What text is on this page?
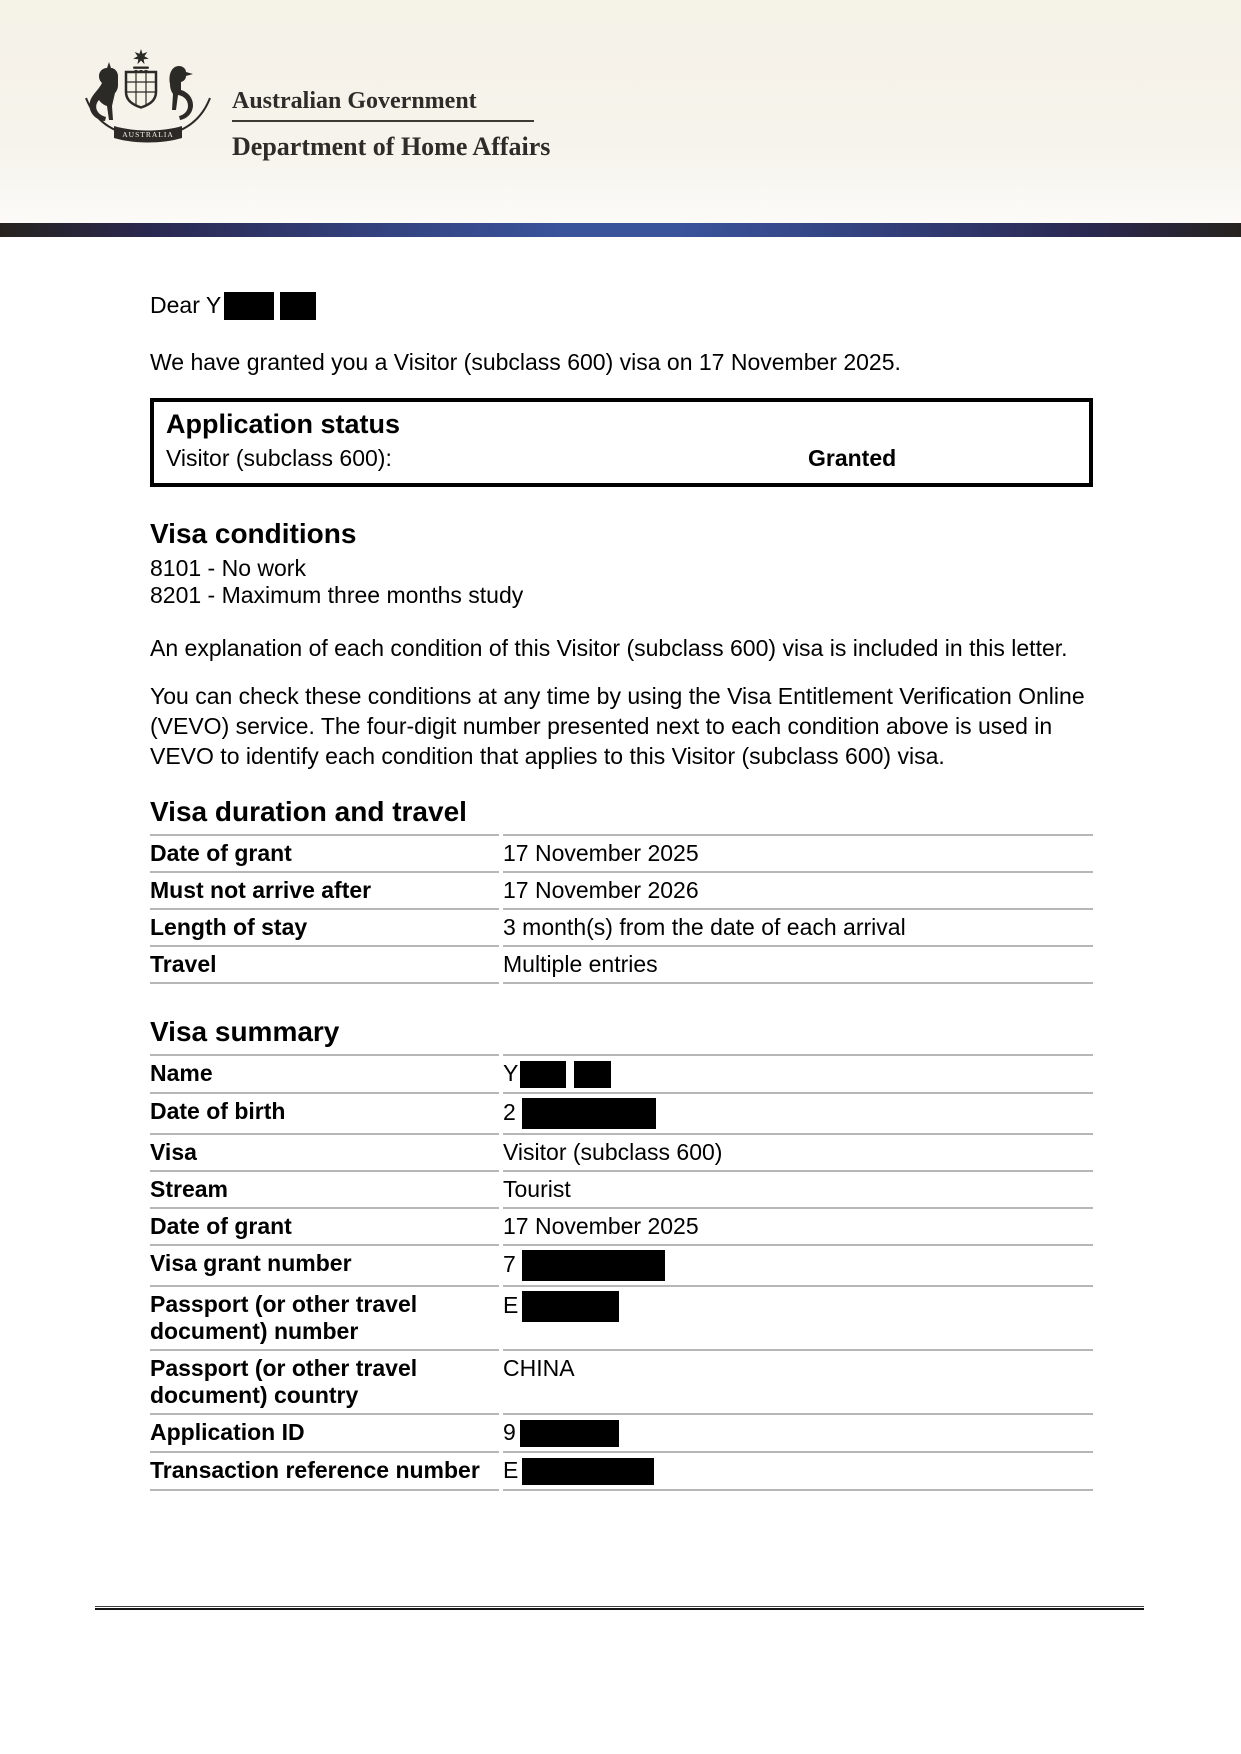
AUSTRALIA
Australian Government
Department of Home Affairs

Dear Y

We have granted you a Visitor (subclass 600) visa on 17 November 2025.

Application status
Visitor (subclass 600):	Granted
Visa conditions

8101 - No work

8201 - Maximum three months study

An explanation of each condition of this Visitor (subclass 600) visa is included in this letter.

You can check these conditions at any time by using the Visa Entitlement Verification Online (VEVO) service. The four-digit number presented next to each condition above is used in VEVO to identify each condition that applies to this Visitor (subclass 600) visa.

Visa duration and travel
Date of grant	17 November 2025
Must not arrive after	17 November 2026
Length of stay	3 month(s) from the date of each arrival
Travel	Multiple entries
Visa summary
Name	Y
Date of birth	2
Visa	Visitor (subclass 600)
Stream	Tourist
Date of grant	17 November 2025
Visa grant number	7
Passport (or other travel document) number	E
Passport (or other travel document) country	CHINA
Application ID	9
Transaction reference number	E
